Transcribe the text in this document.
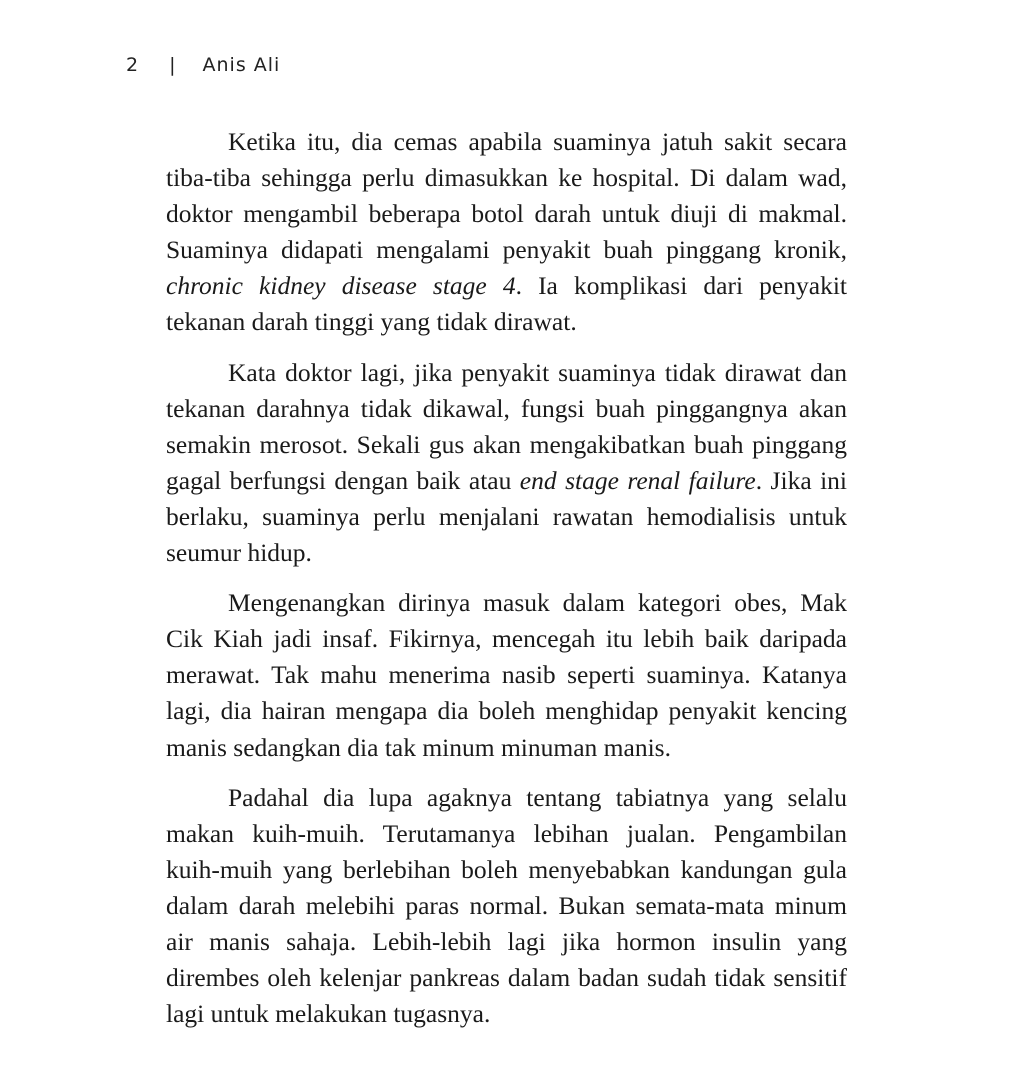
2 | Anis Ali

Ketika itu, dia cemas apabila suaminya jatuh sakit secara tiba-tiba sehingga perlu dimasukkan ke hospital. Di dalam wad, doktor mengambil beberapa botol darah untuk diuji di makmal. Suaminya didapati mengalami penyakit buah pinggang kronik, chronic kidney disease stage 4. Ia komplikasi dari penyakit tekanan darah tinggi yang tidak dirawat.

Kata doktor lagi, jika penyakit suaminya tidak dirawat dan tekanan darahnya tidak dikawal, fungsi buah pinggangnya akan semakin merosot. Sekali gus akan mengakibatkan buah pinggang gagal berfungsi dengan baik atau end stage renal failure. Jika ini berlaku, suaminya perlu menjalani rawatan hemodialisis untuk seumur hidup.

Mengenangkan dirinya masuk dalam kategori obes, Mak Cik Kiah jadi insaf. Fikirnya, mencegah itu lebih baik daripada merawat. Tak mahu menerima nasib seperti suaminya. Katanya lagi, dia hairan mengapa dia boleh menghidap penyakit kencing manis sedangkan dia tak minum minuman manis.

Padahal dia lupa agaknya tentang tabiatnya yang selalu makan kuih-muih. Terutamanya lebihan jualan. Pengambilan kuih-muih yang berlebihan boleh menyebabkan kandungan gula dalam darah melebihi paras normal. Bukan semata-mata minum air manis sahaja. Lebih-lebih lagi jika hormon insulin yang dirembes oleh kelenjar pankreas dalam badan sudah tidak sensitif lagi untuk melakukan tugasnya.
